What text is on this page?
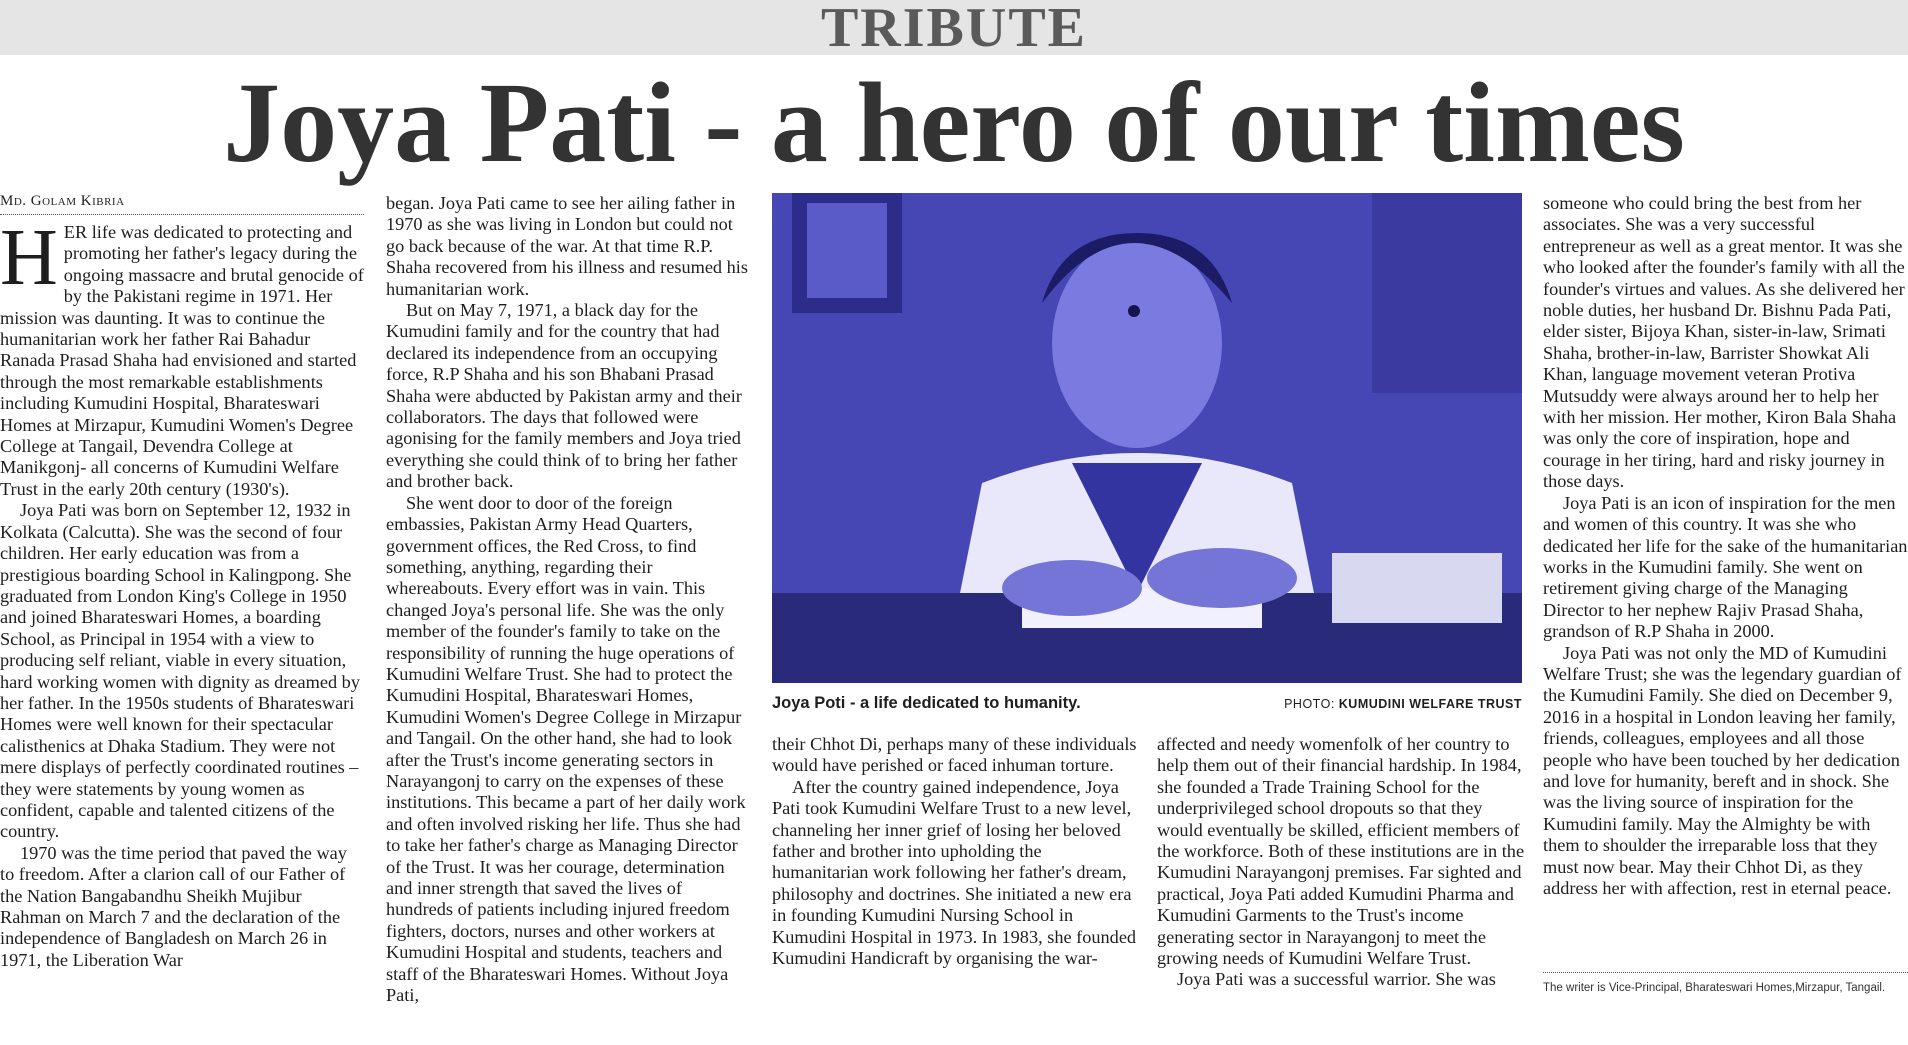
TRIBUTE
Joya Pati - a hero of our times
Md. Golam Kibria

HER life was dedicated to protecting and promoting her father's legacy during the ongoing massacre and brutal genocide of by the Pakistani regime in 1971. Her mission was daunting. It was to continue the humanitarian work her father Rai Bahadur Ranada Prasad Shaha had envisioned and started through the most remarkable establishments including Kumudini Hospital, Bharateswari Homes at Mirzapur, Kumudini Women's Degree College at Tangail, Devendra College at Manikgonj- all concerns of Kumudini Welfare Trust in the early 20th century (1930's).

Joya Pati was born on September 12, 1932 in Kolkata (Calcutta). She was the second of four children. Her early education was from a prestigious boarding School in Kalingpong. She graduated from London King's College in 1950 and joined Bharateswari Homes, a boarding School, as Principal in 1954 with a view to producing self reliant, viable in every situation, hard working women with dignity as dreamed by her father. In the 1950s students of Bharateswari Homes were well known for their spectacular calisthenics at Dhaka Stadium. They were not mere displays of perfectly coordinated routines – they were statements by young women as confident, capable and talented citizens of the country.

1970 was the time period that paved the way to freedom. After a clarion call of our Father of the Nation Bangabandhu Sheikh Mujibur Rahman on March 7 and the declaration of the independence of Bangladesh on March 26 in 1971, the Liberation War

began. Joya Pati came to see her ailing father in 1970 as she was living in London but could not go back because of the war. At that time R.P. Shaha recovered from his illness and resumed his humanitarian work.

But on May 7, 1971, a black day for the Kumudini family and for the country that had declared its independence from an occupying force, R.P Shaha and his son Bhabani Prasad Shaha were abducted by Pakistan army and their collaborators. The days that followed were agonising for the family members and Joya tried everything she could think of to bring her father and brother back.

She went door to door of the foreign embassies, Pakistan Army Head Quarters, government offices, the Red Cross, to find something, anything, regarding their whereabouts. Every effort was in vain. This changed Joya's personal life. She was the only member of the founder's family to take on the responsibility of running the huge operations of Kumudini Welfare Trust. She had to protect the Kumudini Hospital, Bharateswari Homes, Kumudini Women's Degree College in Mirzapur and Tangail. On the other hand, she had to look after the Trust's income generating sectors in Narayangonj to carry on the expenses of these institutions. This became a part of her daily work and often involved risking her life. Thus she had to take her father's charge as Managing Director of the Trust. It was her courage, determination and inner strength that saved the lives of hundreds of patients including injured freedom fighters, doctors, nurses and other workers at Kumudini Hospital and students, teachers and staff of the Bharateswari Homes. Without Joya Pati,

Joya Poti - a life dedicated to humanity.	PHOTO: KUMUDINI WELFARE TRUST

their Chhot Di, perhaps many of these individuals would have perished or faced inhuman torture.

After the country gained independence, Joya Pati took Kumudini Welfare Trust to a new level, channeling her inner grief of losing her beloved father and brother into upholding the humanitarian work following her father's dream, philosophy and doctrines. She initiated a new era in founding Kumudini Nursing School in Kumudini Hospital in 1973. In 1983, she founded Kumudini Handicraft by organising the war-

affected and needy womenfolk of her country to help them out of their financial hardship. In 1984, she founded a Trade Training School for the underprivileged school dropouts so that they would eventually be skilled, efficient members of the workforce. Both of these institutions are in the Kumudini Narayangonj premises. Far sighted and practical, Joya Pati added Kumudini Pharma and Kumudini Garments to the Trust's income generating sector in Narayangonj to meet the growing needs of Kumudini Welfare Trust.

Joya Pati was a successful warrior. She was

someone who could bring the best from her associates. She was a very successful entrepreneur as well as a great mentor. It was she who looked after the founder's family with all the founder's virtues and values. As she delivered her noble duties, her husband Dr. Bishnu Pada Pati, elder sister, Bijoya Khan, sister-in-law, Srimati Shaha, brother-in-law, Barrister Showkat Ali Khan, language movement veteran Protiva Mutsuddy were always around her to help her with her mission. Her mother, Kiron Bala Shaha was only the core of inspiration, hope and courage in her tiring, hard and risky journey in those days.

Joya Pati is an icon of inspiration for the men and women of this country. It was she who dedicated her life for the sake of the humanitarian works in the Kumudini family. She went on retirement giving charge of the Managing Director to her nephew Rajiv Prasad Shaha, grandson of R.P Shaha in 2000.

Joya Pati was not only the MD of Kumudini Welfare Trust; she was the legendary guardian of the Kumudini Family. She died on December 9, 2016 in a hospital in London leaving her family, friends, colleagues, employees and all those people who have been touched by her dedication and love for humanity, bereft and in shock. She was the living source of inspiration for the Kumudini family. May the Almighty be with them to shoulder the irreparable loss that they must now bear. May their Chhot Di, as they address her with affection, rest in eternal peace.

The writer is Vice-Principal, Bharateswari Homes,Mirzapur, Tangail.
